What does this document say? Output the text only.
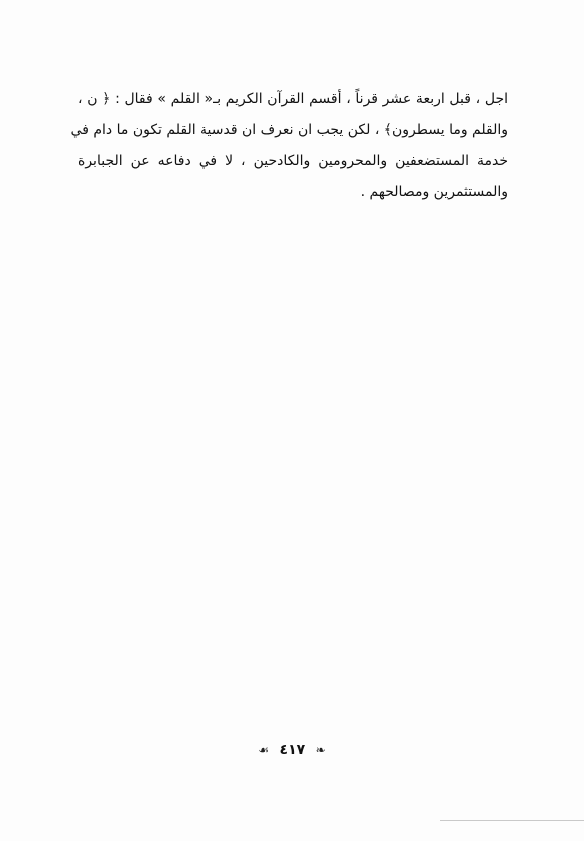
اجل ، قبل اربعة عشر قرناً ، أقسم القرآن الكريم بـ« القلم » فقال : ﴿ ن ،
والقلم وما يسطرون﴾ ، لكن يجب ان نعرف ان قدسية القلم تكون ما دام في
خدمة المستضعفين والمحرومين والكادحين ، لا في دفاعه عن الجبابرة
والمستثمرين ومصالحهم .
☙ ٤١٧ ❧
